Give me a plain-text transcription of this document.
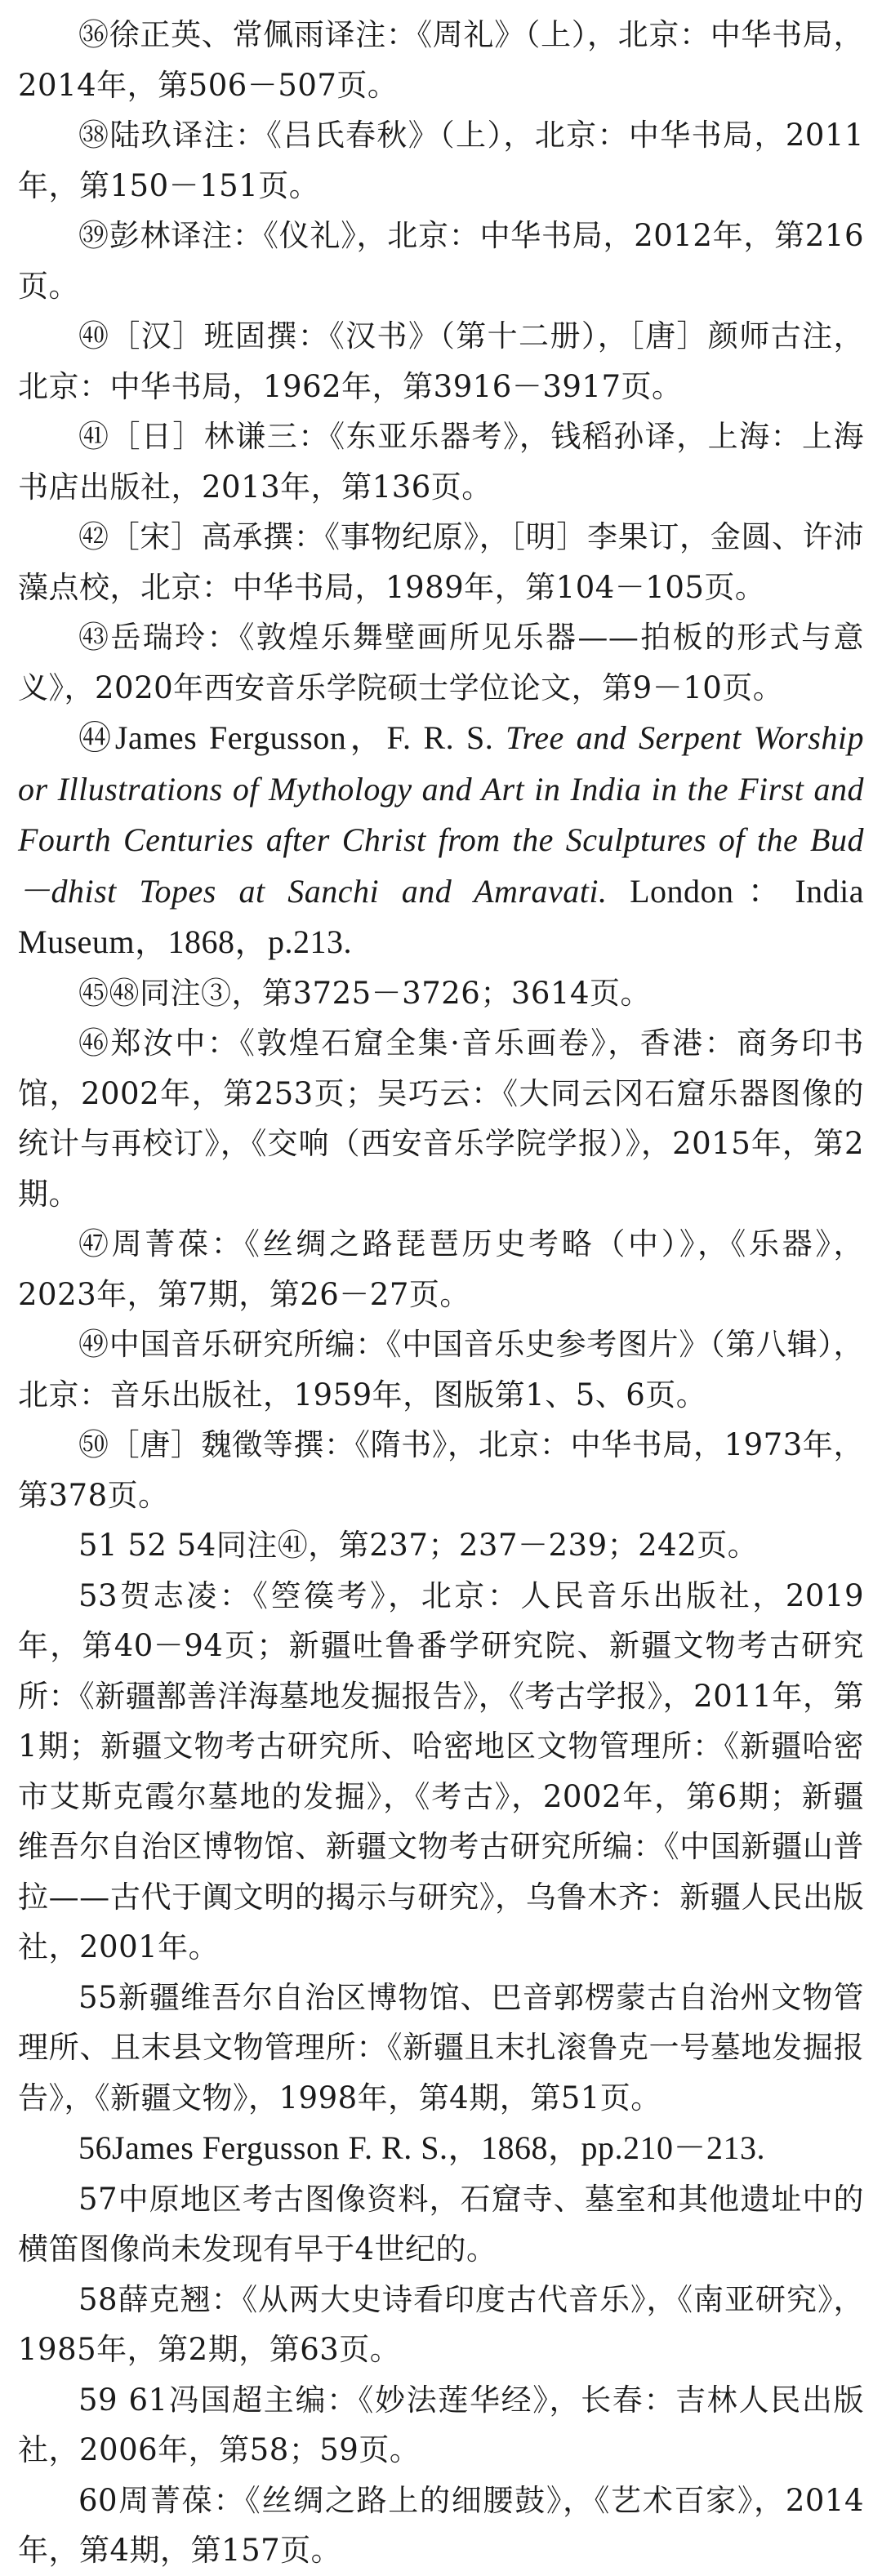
㊱徐正英、常佩雨译注：《周礼》（上），北京：中华书局，2014年，第506－507页。

㊳陆玖译注：《吕氏春秋》（上），北京：中华书局，2011年，第150－151页。

㊴彭林译注：《仪礼》，北京：中华书局，2012年，第216页。

㊵［汉］班固撰：《汉书》（第十二册），［唐］颜师古注，北京：中华书局，1962年，第3916－3917页。

㊶［日］林谦三：《东亚乐器考》，钱稻孙译，上海：上海书店出版社，2013年，第136页。

㊷［宋］高承撰：《事物纪原》，［明］李果订，金圆、许沛藻点校，北京：中华书局，1989年，第104－105页。

㊸岳瑞玲：《敦煌乐舞壁画所见乐器——拍板的形式与意义》，2020年西安音乐学院硕士学位论文，第9－10页。

㊹James Fergusson，F. R. S. Tree and Serpent Worship or Illustrations of Mythology and Art in India in the First and Fourth Centuries after Christ from the Sculptures of the Bud－dhist Topes at Sanchi and Amravati. London：India Museum，1868，p.213.

㊺㊽同注③，第3725－3726；3614页。

㊻郑汝中：《敦煌石窟全集·音乐画卷》，香港：商务印书馆，2002年，第253页；吴巧云：《大同云冈石窟乐器图像的统计与再校订》，《交响（西安音乐学院学报）》，2015年，第2期。

㊼周菁葆：《丝绸之路琵琶历史考略（中）》，《乐器》，2023年，第7期，第26－27页。

㊾中国音乐研究所编：《中国音乐史参考图片》（第八辑），北京：音乐出版社，1959年，图版第1、5、6页。

㊿［唐］魏徵等撰：《隋书》，北京：中华书局，1973年，第378页。

51 52 54同注㊶，第237；237－239；242页。

53贺志凌：《箜篌考》，北京：人民音乐出版社，2019年，第40－94页；新疆吐鲁番学研究院、新疆文物考古研究所：《新疆鄯善洋海墓地发掘报告》，《考古学报》，2011年，第1期；新疆文物考古研究所、哈密地区文物管理所：《新疆哈密市艾斯克霞尔墓地的发掘》，《考古》，2002年，第6期；新疆维吾尔自治区博物馆、新疆文物考古研究所编：《中国新疆山普拉——古代于阗文明的揭示与研究》，乌鲁木齐：新疆人民出版社，2001年。

55新疆维吾尔自治区博物馆、巴音郭楞蒙古自治州文物管理所、且末县文物管理所：《新疆且末扎滚鲁克一号墓地发掘报告》，《新疆文物》，1998年，第4期，第51页。

56James Fergusson F. R. S.，1868，pp.210－213.

57中原地区考古图像资料，石窟寺、墓室和其他遗址中的横笛图像尚未发现有早于4世纪的。

58薛克翘：《从两大史诗看印度古代音乐》，《南亚研究》，1985年，第2期，第63页。

59 61冯国超主编：《妙法莲华经》，长春：吉林人民出版社，2006年，第58；59页。

60周菁葆：《丝绸之路上的细腰鼓》，《艺术百家》，2014年，第4期，第157页。
